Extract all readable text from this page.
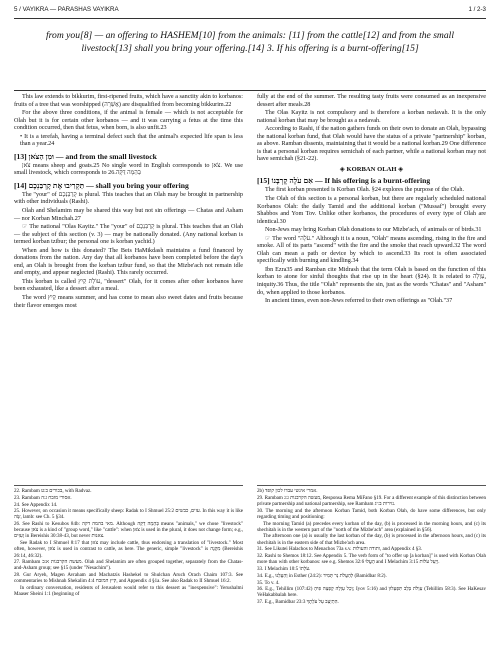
5 / VAYIKRA — PARASHAS VAYIKRA	1 / 2-3
from you[8] — an offering to HASHEM[10] from the animals: [11] from the cattle[12] and from the small livestock[13] shall you bring your offering.[14] 3. If his offering is a burnt-offering[15]

This law extends to bikkurim, first-ripened fruits, which have a sanctity akin to korbanos: fruits of a tree that was worshipped (אֲשֵׁרָה) are disqualified from becoming bikkurim.22

For the above three conditions, if the animal is female — which is not acceptable for Olah but it is for certain other korbanos — and it was carrying a fetus at the time this condition occurred, then that fetus, when born, is also unfit.23

• It is a terefah, having a terminal defect such that the animal's expected life span is less than a year.24

[13] וּמִן הַצֹּאן — and from the small livestock

צֹאן means sheep and goats.25 No single word in English corresponds to צֹאן. We use small livestock, which corresponds to בְּהֵמָה דַּקָּה.26

[14] תַּקְרִיבוּ אֶת קָרְבַּנְכֶם — shall you bring your offering

The "your" of קָרְבַּנְכֶם is plural. This teaches that an Olah may be brought in partnership with other individuals (Rashi).

Olah and Shelamim may be shared this way but not sin offerings — Chatas and Asham — nor Korban Minchah.27

☞ The national "Olas Kayitz." The "your" of קָרְבַּנְכֶם is plural. This teaches that an Olah — the subject of this section (v. 3) — may be nationally donated. (Any national korban is termed korban tzibur; the personal one is korban yachid.)

When and how is this donated? The Beis HaMikdash maintains a fund financed by donations from the nation. Any day that all korbanos have been completed before the day's end, an Olah is brought from the korban tzibur fund, so that the Mizbe'ach not remain idle and empty, and appear neglected (Rashi). This rarely occurred.

This korban is called עוֹלַת קַיִץ, "dessert" Olah, for it comes after other korbanos have been exhausted, like a dessert after a meal.

The word קַיִץ means summer, and has come to mean also sweet dates and fruits because their flavor emerges most

fully at the end of the summer. The resulting tasty fruits were consumed as an inexpensive dessert after meals.28

The Olas Kayitz is not compulsory and is therefore a korban nedavah. It is the only national korban that may be brought as a nedavah.

According to Rashi, if the nation gathers funds on their own to donate an Olah, bypassing the national korban fund, that Olah would have the status of a private "partnership" korban, as above. Ramban dissents, maintaining that it would be a national korban.29 One difference is that a personal korban requires semichah of each partner, while a national korban may not have semichah (§21-22).

◈ KORBAN OLAH ◈
[15] אִם עֹלָה קָרְבָּנוֹ — If his offering is a burnt-offering

The first korban presented is Korban Olah. §24 explores the purpose of the Olah.

The Olah of this section is a personal korban, but there are regularly scheduled national Korbanos Olah: the daily Tamid and the additional korban ("Mussaf") brought every Shabbos and Yom Tov. Unlike other korbanos, the procedures of every type of Olah are identical.30

Non-Jews may bring Korban Olah donations to our Mizbe'ach, of animals or of birds.31

☞ The word "עֹלָה." Although it is a noun, "Olah" means ascending, rising in the fire and smoke. All of its parts "ascend" with the fire and the smoke that reach upward.32 The word Olah can mean a path or device by which to ascend.33 Its root is often associated specifically with burning and kindling.34

Ibn Ezra35 and Ramban cite Midrash that the term Olah is based on the function of this korban to atone for sinful thoughts that rise up in the heart (§24). It is related to עַוְלָה, iniquity.36 Thus, the title "Olah" represents the sin, just as the words "Chatas" and "Asham" do, when applied to those korbanos.

In ancient times, even non-Jews referred to their own offerings as "Olah."37

22. Rambam בכורים ב:ט, with Radvaz.
23. Rambam אסורי מזבח ג:ה.
24. See Appendix 14.
25. However, on occasion it means specifically sheep: Radak to I Shmuel 25:2 עזים, כבשים. In this way it is like שֶׂה, lamb: see Ch. 5 §34.
26. See Rashi to Kesubos 84b: מאי בהמה דקה. Although בְּהֵמָה דַקָּה means "animals," we chose "livestock" because צֹאן is a kind of "group word," like "cattle": when צֹאן is used in the plural, it does not change form; e.g., וְעִזִּים in Bereishis 30:38-43, but never צאנות.
See Radak to I Shmuel 8:17 that צֹאן may include cattle, thus endorsing a translation of "livestock." Most often, however, צֹאן is used in contrast to cattle, as here. The generic, simple "livestock" is מִקְנֶה (Bereishis 26:14, 46:32).
27. Rambam מעשה הקרבנות א:ב. Olah and Shelamim are often grouped together, separately from the Chatas-and-Asham group; see §15 (under "Nesachim").
28. Gur Aryeh, Magen Avraham and Machatzis Hashekel to Shulchan Aruch Orach Chaim 107:3. See commentaries to Mishnah Shekalim 4:4 קיץ המזבח, and Appendix 4 §1a. See also Radak to II Shmuel 16:2.
In ordinary conversation, residents of Jerusalem would refer to this dessert as "inexpensive": Yerushalmi Maaser Sheini 1:1 (beginning of
2b) אמרי אינשי עבדו לכון קופד.
29. Rambam מעשה הקרבנות ג:ג, Responsa Rema MiFano §19. For a different example of this distinction between private partnership and national partnership, see Rambam נזירות ב:יג.
30. The morning and the afternoon Korban Tamid, both Korban Olah, do have some differences, but only regarding timing and positioning:
The morning Tamid (a) precedes every korban of the day, (b) is processed in the morning hours, and (c) its shechitah is in the western part of the "north of the Mizbe'ach" area (explained in §56).
The afternoon one (a) is usually the last korban of the day, (b) is processed in the afternoon hours, and (c) its shechitah is in the eastern side of that Mizbe'ach area.
31. See Likutei Halachos to Menachos 73a s.v. ותודה והעולות, and Appendix 4 §3.
32. Rashi to Shemos 18:12. See Appendix 5. The verb form of "to offer up [a korban]" is used with Korban Olah more than with other korbanos: see e.g. Shemos 32:6 הָעֱלוּ and I Melachim 3:15 וַיַּעַל עֹלוֹת.
33. I Melachim 10:5 עֹלָתוֹ.
34. E.g., וְהַעֲלֵנוּ in Esther (24:2): לְהַעֲלֹת נֵר תָּמִיד (Bamidbar 8:2).
35. To v. 4.
36. E.g., Tehillim (107:42) וְכָל עַוְלָה קָפְצָה פִּיהָ; Iyov 5:16) and עַוְלֹת בְּלֵב תִּפְעָלוּן (Tehillim 58:3). See HaKesav VeHakabbalah here.
37. E.g., Bamidbar 23:3 הִתְיַצֵּב עַל עֹלָתֶךָ.
